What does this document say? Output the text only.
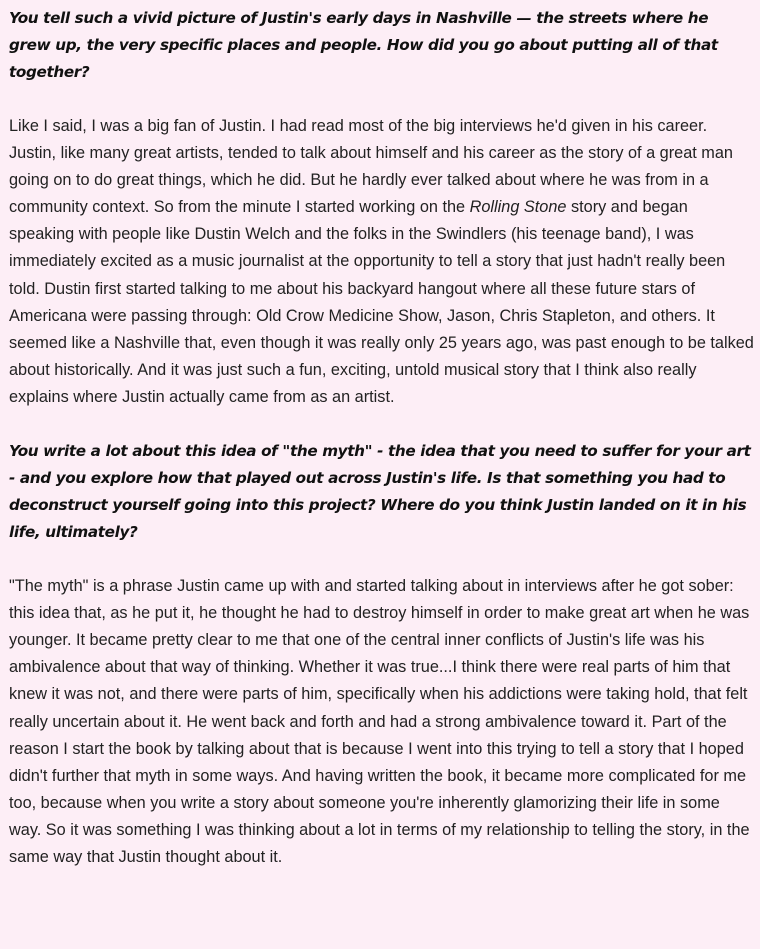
You tell such a vivid picture of Justin's early days in Nashville — the streets where he grew up, the very specific places and people. How did you go about putting all of that together?

Like I said, I was a big fan of Justin. I had read most of the big interviews he'd given in his career. Justin, like many great artists, tended to talk about himself and his career as the story of a great man going on to do great things, which he did. But he hardly ever talked about where he was from in a community context. So from the minute I started working on the Rolling Stone story and began speaking with people like Dustin Welch and the folks in the Swindlers (his teenage band), I was immediately excited as a music journalist at the opportunity to tell a story that just hadn't really been told. Dustin first started talking to me about his backyard hangout where all these future stars of Americana were passing through: Old Crow Medicine Show, Jason, Chris Stapleton, and others. It seemed like a Nashville that, even though it was really only 25 years ago, was past enough to be talked about historically. And it was just such a fun, exciting, untold musical story that I think also really explains where Justin actually came from as an artist.

You write a lot about this idea of "the myth" - the idea that you need to suffer for your art - and you explore how that played out across Justin's life. Is that something you had to deconstruct yourself going into this project? Where do you think Justin landed on it in his life, ultimately?

"The myth" is a phrase Justin came up with and started talking about in interviews after he got sober: this idea that, as he put it, he thought he had to destroy himself in order to make great art when he was younger. It became pretty clear to me that one of the central inner conflicts of Justin's life was his ambivalence about that way of thinking. Whether it was true...I think there were real parts of him that knew it was not, and there were parts of him, specifically when his addictions were taking hold, that felt really uncertain about it. He went back and forth and had a strong ambivalence toward it. Part of the reason I start the book by talking about that is because I went into this trying to tell a story that I hoped didn't further that myth in some ways. And having written the book, it became more complicated for me too, because when you write a story about someone you're inherently glamorizing their life in some way. So it was something I was thinking about a lot in terms of my relationship to telling the story, in the same way that Justin thought about it.
